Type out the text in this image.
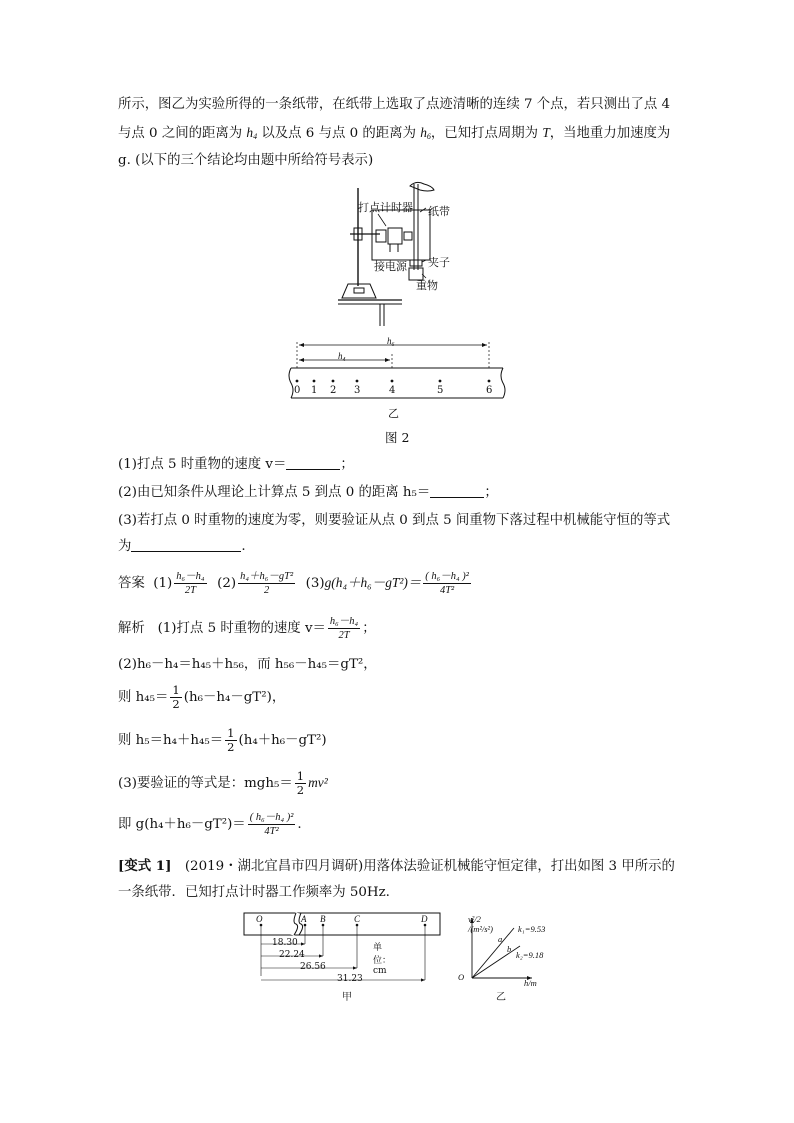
所示，图乙为实验所得的一条纸带，在纸带上选取了点迹清晰的连续 7 个点，若只测出了点 4
与点 0 之间的距离为 $h_4$ 以及点 6 与点 0 的距离为 $h_6$，已知打点周期为 T，当地重力加速度为
g. (以下的三个结论均由题中所给符号表示)
打点计时器 纸带
接电源 夹子
重物
h₆
h₄
0 1 2 3	4	5	6
乙
图 2
(1)打点 5 时重物的速度 v＝	；
(2)由已知条件从理论上计算点 5 到点 0 的距离 h₅＝	；
(3)若打点 0 时重物的速度为零，则要验证从点 0 到点 5 间重物下落过程中机械能守恒的等式
为	.
答案 $(1) \frac{\text{h₆－h₄}}{2T} (2) \frac{\text{h₄＋h₆－gT²}}{2} (3)g(h_4+h_6-gT^2)= \frac{\text{( h₆－h₄ )²}}{\text{4T²}}$
解析 (1)打点 5 时重物的速度 $v= \frac{\text{h₆－h₄}}{2T}$ ；
(2)h₆－h₄＝h₄₅＋h₅₆，而 h₅₆－h₄₅＝gT²，
则 $h_{45}= \frac{1}{2} (h_6-h_4-gT^2)$，
则 $h_5=h_4+h_{45}= \frac{1}{2} (h_4+h_6-gT^2)$
(3)要验证的等式是：$mgh_5= \frac{1}{2} mv^2$
即 $g(h_4+h_6-gT^2)= \frac{\text{( h₆－h₄ )²}}{\text{4T²}}$ .
[变式 1]　(2019・湖北宜昌市四月调研)用落体法验证机械能守恒定律，打出如图 3 甲所示的
一条纸带．已知打点计时器工作频率为 50Hz.
O	A B	C	D
单位：cm
18.30
22.24
26.56
31.23
甲
v²/2 /(m²/s²)
h/m
O
a
b
k₁=9.53
k₂=9.18
乙
